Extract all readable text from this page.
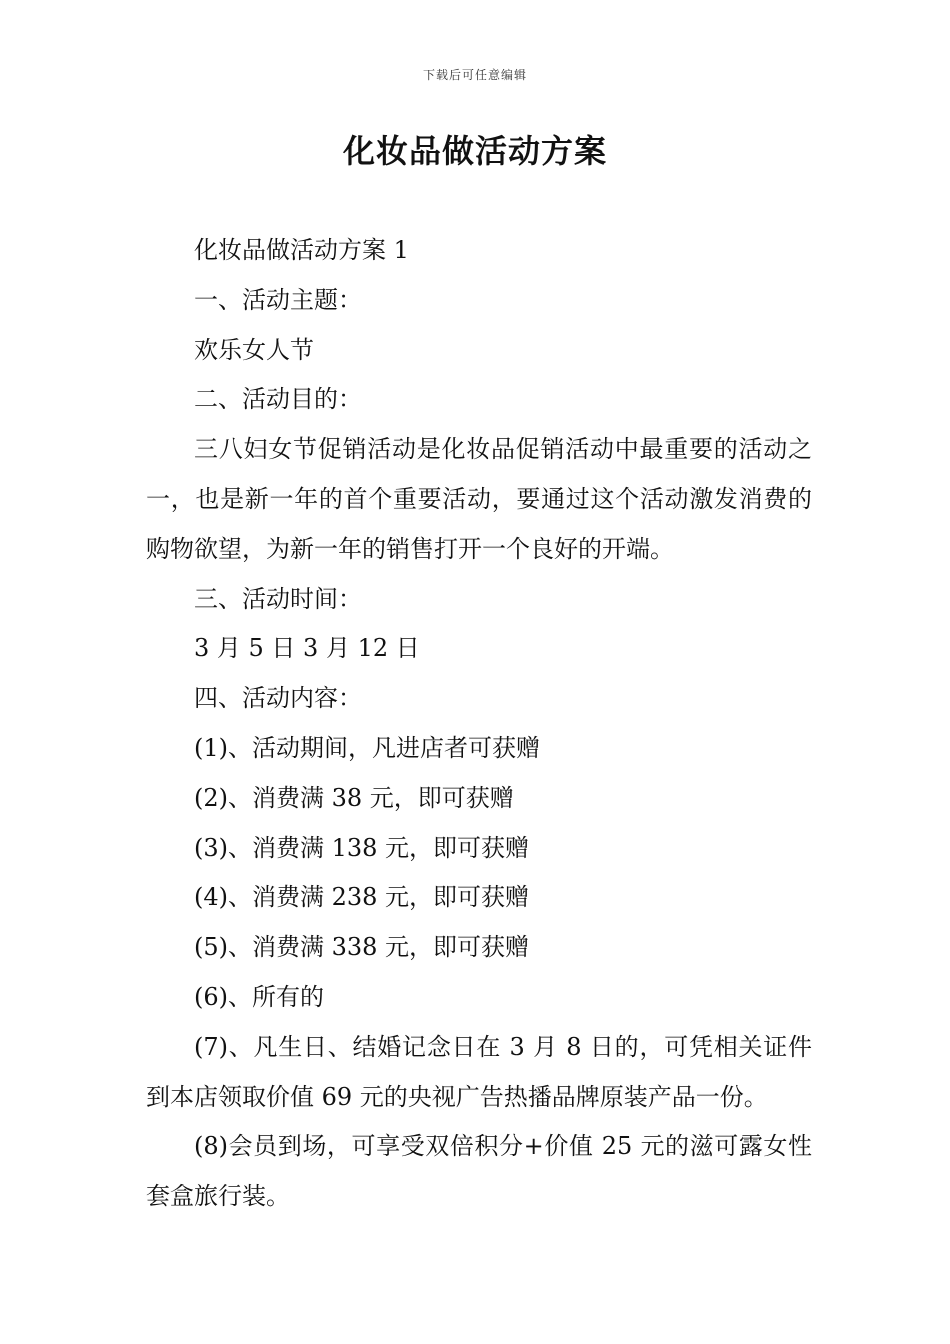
下载后可任意编辑
化妆品做活动方案

化妆品做活动方案 1

一、活动主题：

欢乐女人节

二、活动目的：

三八妇女节促销活动是化妆品促销活动中最重要的活动之一，也是新一年的首个重要活动，要通过这个活动激发消费的购物欲望，为新一年的销售打开一个良好的开端。

三、活动时间：

3 月 5 日 3 月 12 日

四、活动内容：

(1)、活动期间，凡进店者可获赠

(2)、消费满 38 元，即可获赠

(3)、消费满 138 元，即可获赠

(4)、消费满 238 元，即可获赠

(5)、消费满 338 元，即可获赠

(6)、所有的

(7)、凡生日、结婚记念日在 3 月 8 日的，可凭相关证件到本店领取价值 69 元的央视广告热播品牌原装产品一份。

(8)会员到场，可享受双倍积分+价值 25 元的滋可露女性套盒旅行装。
